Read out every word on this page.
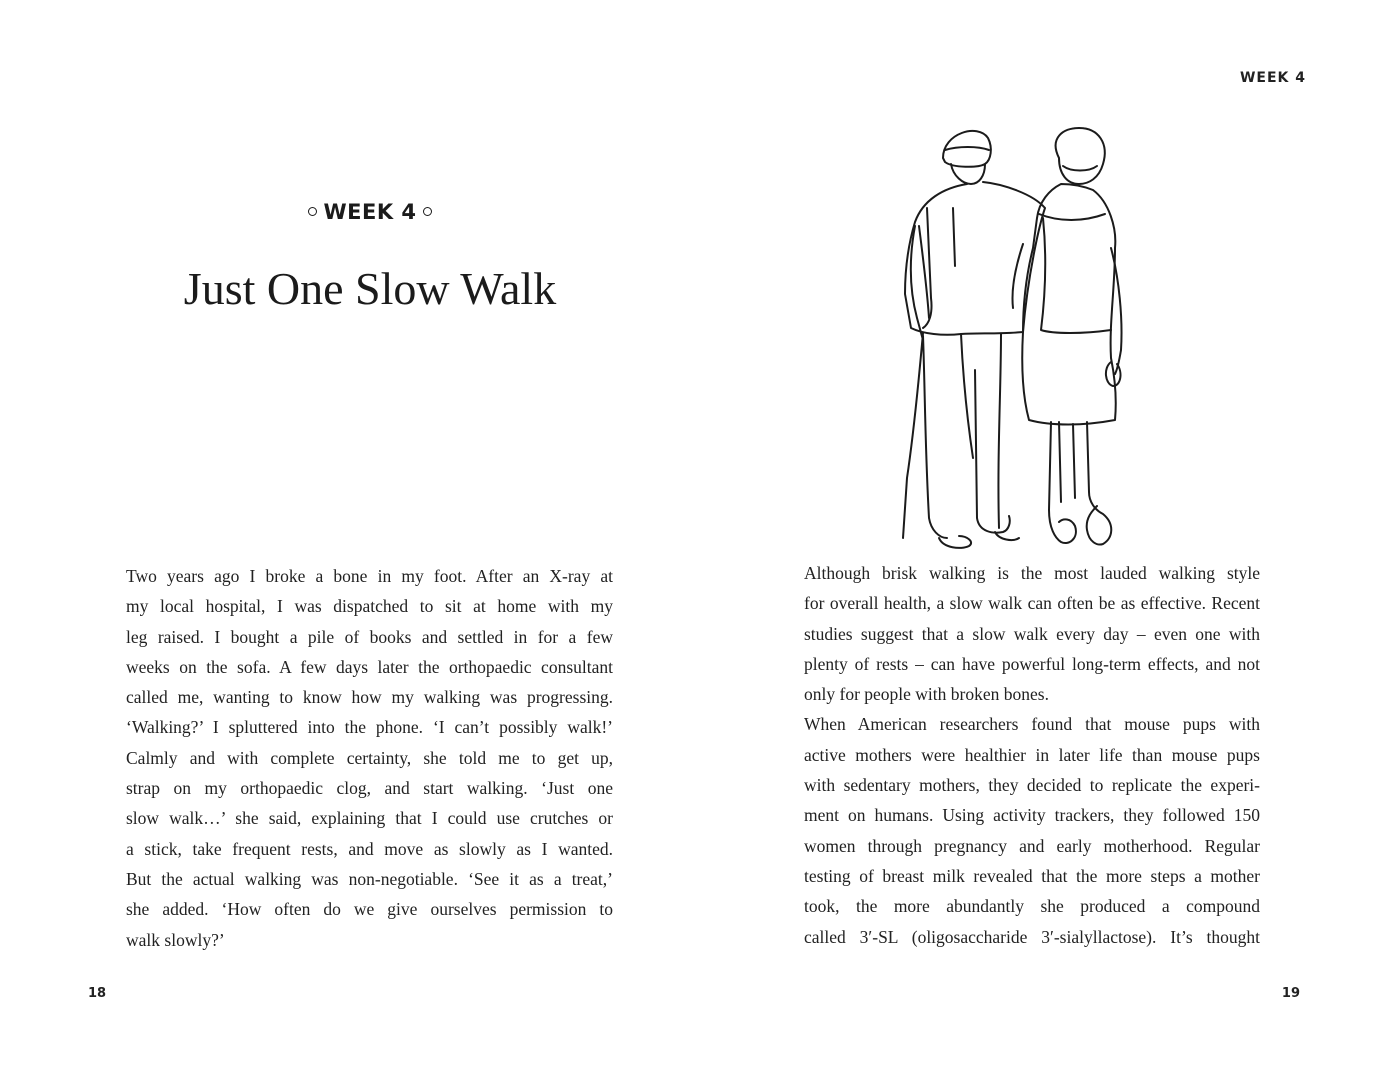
WEEK 4
Just One Slow Walk
Two years ago I broke a bone in my foot. After an X-ray at
my local hospital, I was dispatched to sit at home with my
leg raised. I bought a pile of books and settled in for a few
weeks on the sofa. A few days later the orthopaedic consultant
called me, wanting to know how my walking was progressing.
‘Walking?’ I spluttered into the phone. ‘I can’t possibly walk!’
Calmly and with complete certainty, she told me to get up,
strap on my orthopaedic clog, and start walking. ‘Just one
slow walk…’ she said, explaining that I could use crutches or
a stick, take frequent rests, and move as slowly as I wanted.
But the actual walking was non-negotiable. ‘See it as a treat,’
she added. ‘How often do we give ourselves permission to
walk slowly?’
18
WEEK 4

Although brisk walking is the most lauded walking style
for overall health, a slow walk can often be as effective. Recent
studies suggest that a slow walk every day – even one with
plenty of rests – can have powerful long-term effects, and not
only for people with broken bones.

When American researchers found that mouse pups with
active mothers were healthier in later life than mouse pups
with sedentary mothers, they decided to replicate the experi-
ment on humans. Using activity trackers, they followed 150
women through pregnancy and early motherhood. Regular
testing of breast milk revealed that the more steps a mother
took, the more abundantly she produced a compound
called 3′-SL (oligosaccharide 3′-sialyllactose). It’s thought

19
